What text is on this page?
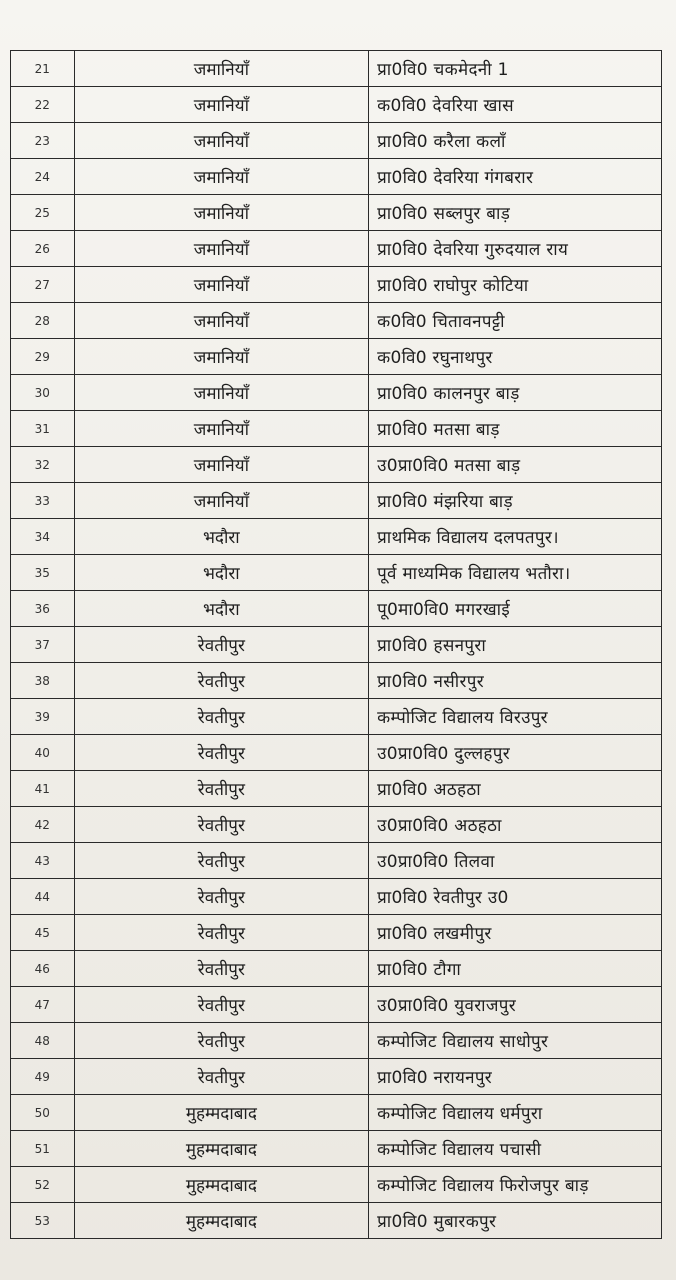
21	जमानियाँ	प्रा0वि0 चकमेदनी 1
22	जमानियाँ	क0वि0 देवरिया खास
23	जमानियाँ	प्रा0वि0 करैला कलाँ
24	जमानियाँ	प्रा0वि0 देवरिया गंगबरार
25	जमानियाँ	प्रा0वि0 सब्लपुर बाड़
26	जमानियाँ	प्रा0वि0 देवरिया गुरुदयाल राय
27	जमानियाँ	प्रा0वि0 राघोपुर कोटिया
28	जमानियाँ	क0वि0 चितावनपट्टी
29	जमानियाँ	क0वि0 रघुनाथपुर
30	जमानियाँ	प्रा0वि0 कालनपुर बाड़
31	जमानियाँ	प्रा0वि0 मतसा बाड़
32	जमानियाँ	उ0प्रा0वि0 मतसा बाड़
33	जमानियाँ	प्रा0वि0 मंझरिया बाड़
34	भदौरा	प्राथमिक विद्यालय दलपतपुर।
35	भदौरा	पूर्व माध्यमिक विद्यालय भतौरा।
36	भदौरा	पू0मा0वि0 मगरखाई
37	रेवतीपुर	प्रा0वि0 हसनपुरा
38	रेवतीपुर	प्रा0वि0 नसीरपुर
39	रेवतीपुर	कम्पोजिट विद्यालय विरउपुर
40	रेवतीपुर	उ0प्रा0वि0 दुल्लहपुर
41	रेवतीपुर	प्रा0वि0 अठहठा
42	रेवतीपुर	उ0प्रा0वि0 अठहठा
43	रेवतीपुर	उ0प्रा0वि0 तिलवा
44	रेवतीपुर	प्रा0वि0 रेवतीपुर उ0
45	रेवतीपुर	प्रा0वि0 लखमीपुर
46	रेवतीपुर	प्रा0वि0 टौगा
47	रेवतीपुर	उ0प्रा0वि0 युवराजपुर
48	रेवतीपुर	कम्पोजिट विद्यालय साधोपुर
49	रेवतीपुर	प्रा0वि0 नरायनपुर
50	मुहम्मदाबाद	कम्पोजिट विद्यालय धर्मपुरा
51	मुहम्मदाबाद	कम्पोजिट विद्यालय पचासी
52	मुहम्मदाबाद	कम्पोजिट विद्यालय फिरोजपुर बाड़
53	मुहम्मदाबाद	प्रा0वि0 मुबारकपुर
